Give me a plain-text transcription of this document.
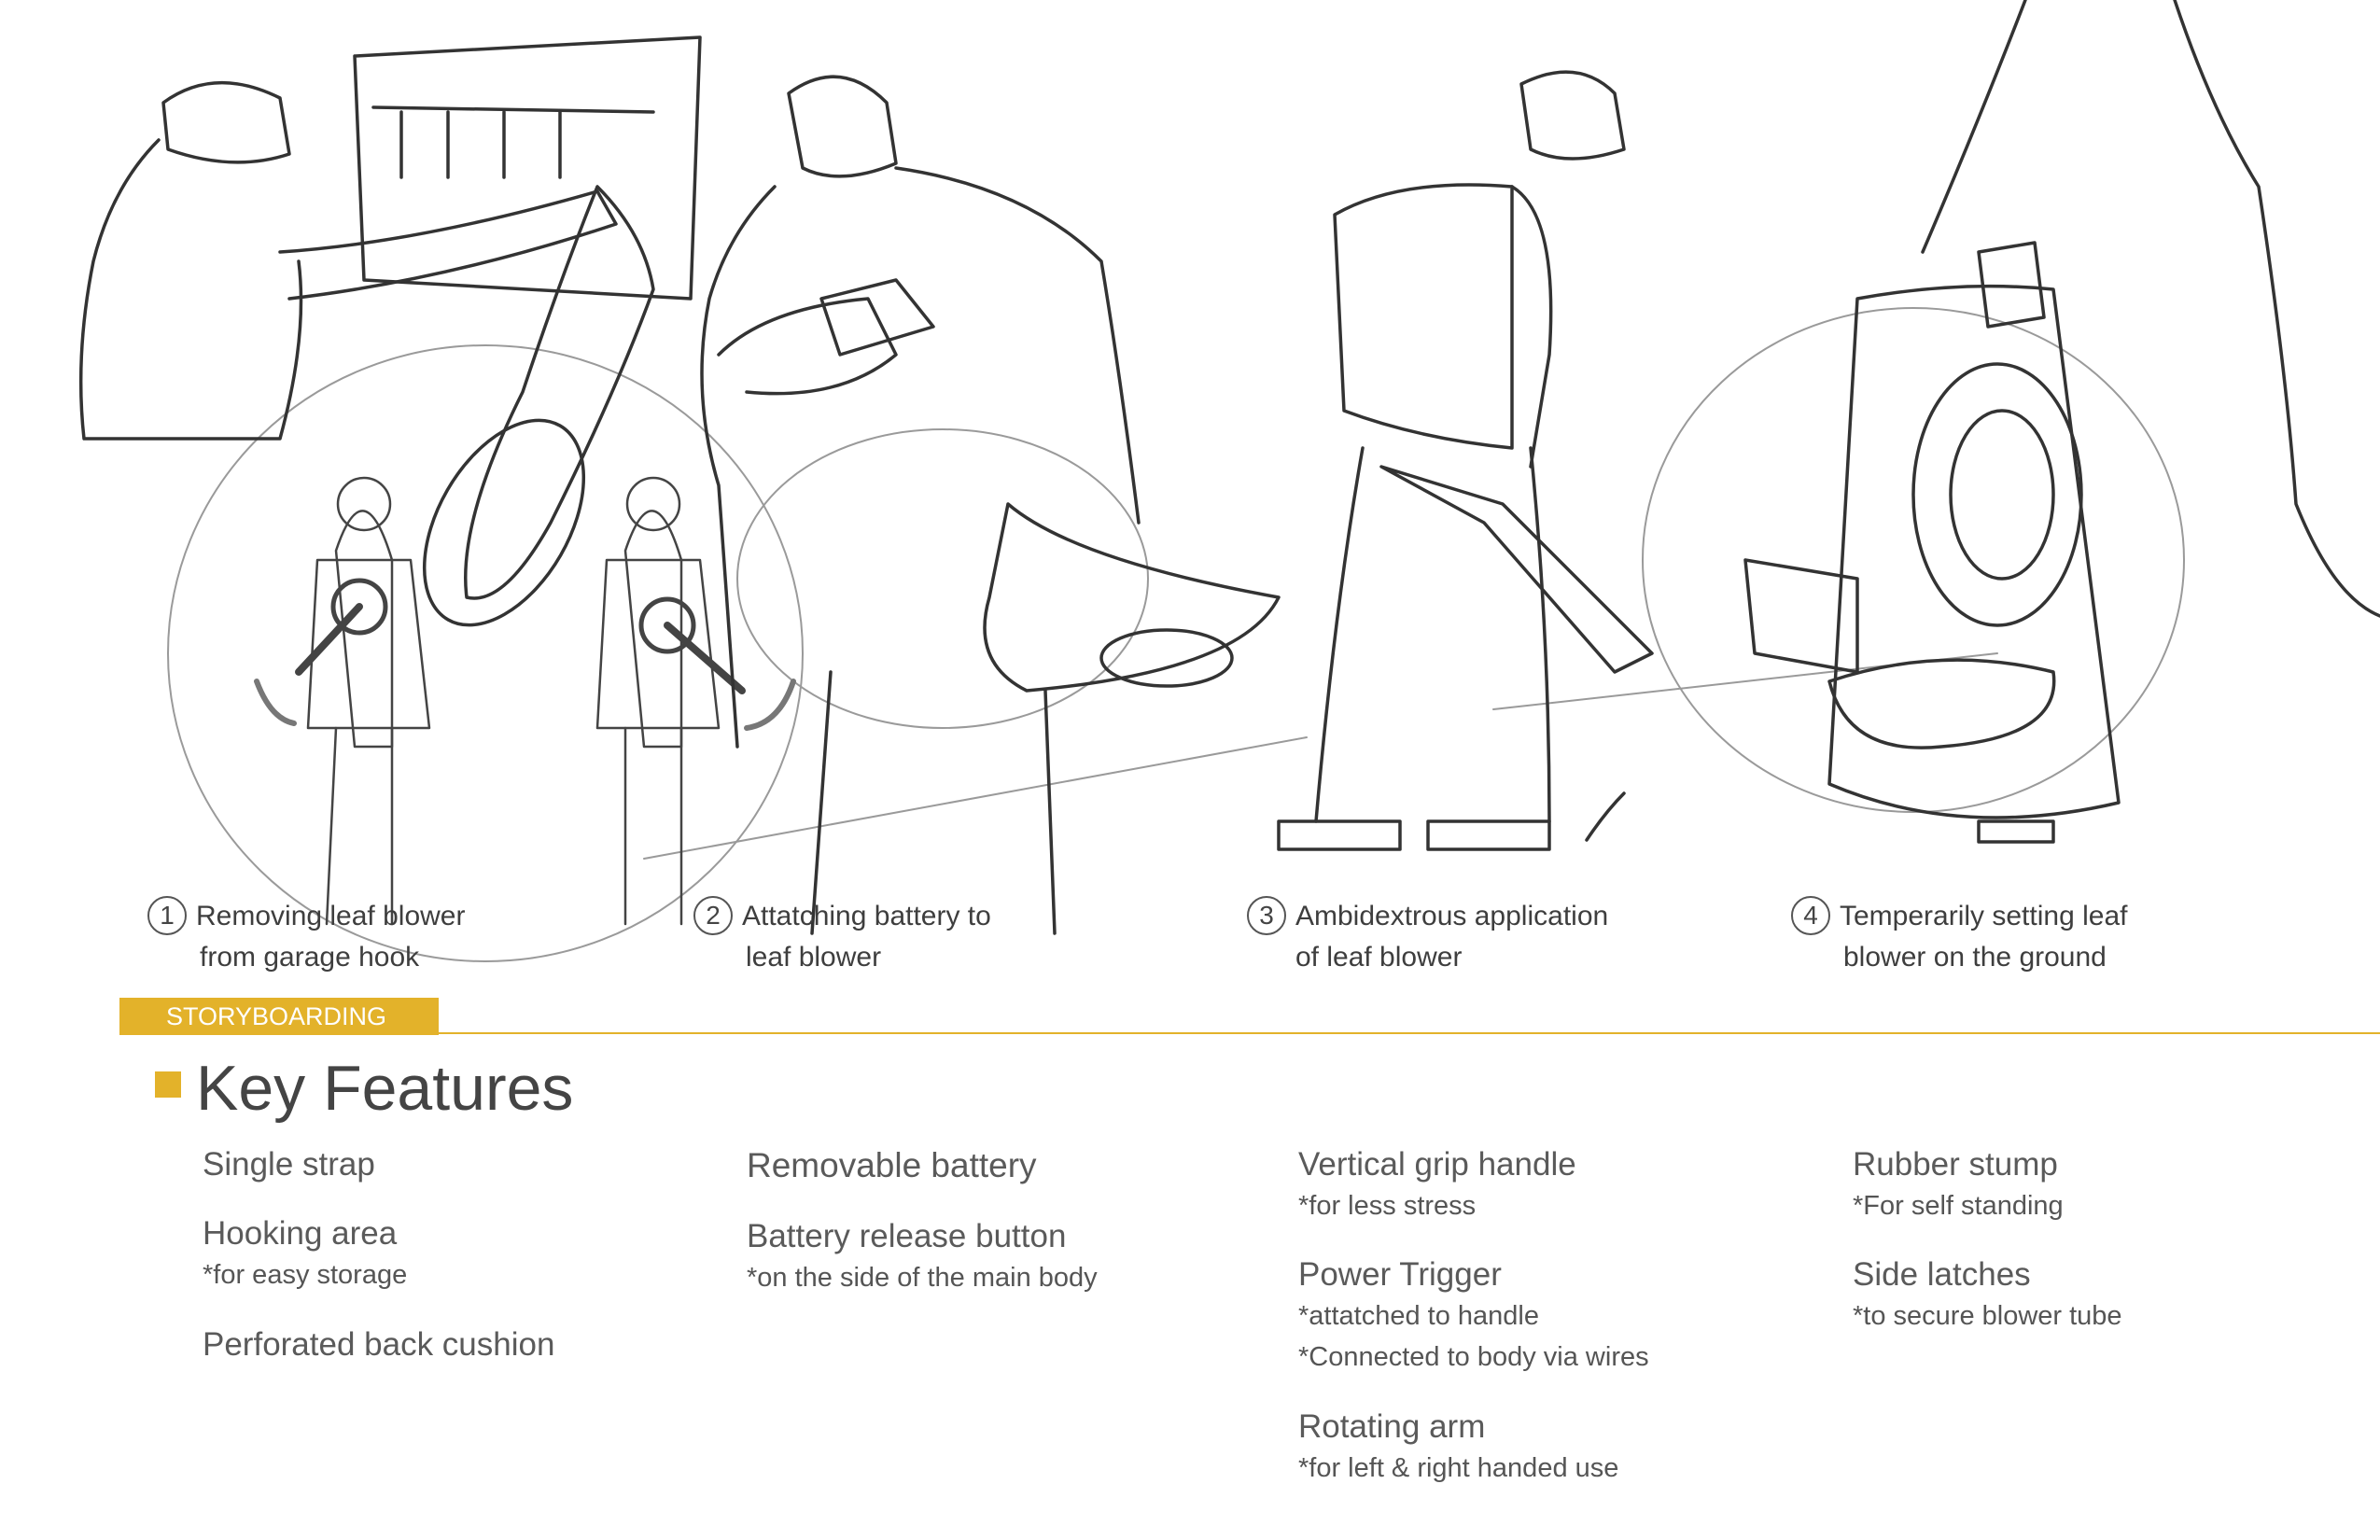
1 Removing leaf blower
from garage hook
2 Attatching battery to
leaf blower
3 Ambidextrous application
of leaf blower
4 Temperarily setting leaf
blower on the ground
STORYBOARDING
Key Features
Single strap
Hooking area
*for easy storage
Perforated back cushion
Removable battery
Battery release button
*on the side of the main body
Vertical grip handle
*for less stress
Power Trigger
*attatched to handle
*Connected to body via wires
Rotating arm
*for left & right handed use
Rubber stump
*For self standing
Side latches
*to secure blower tube
